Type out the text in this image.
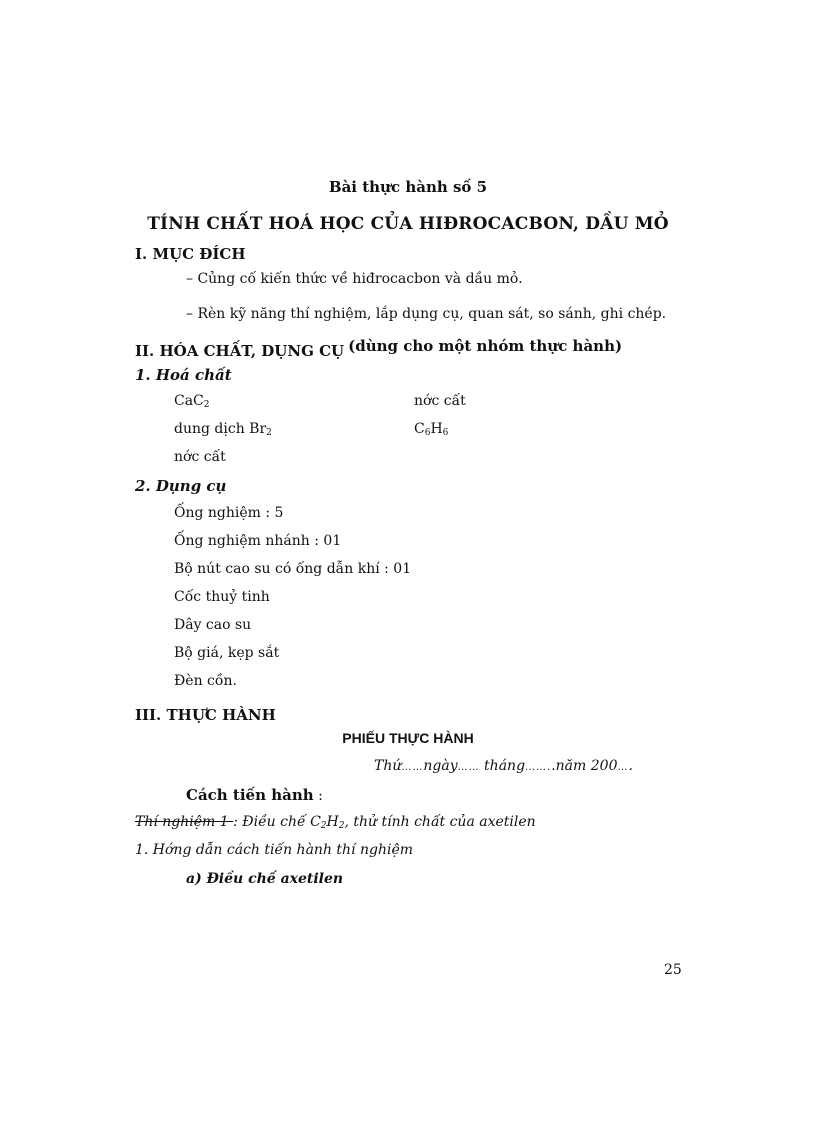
Bài thực hành số 5
TÍNH CHẤT HOÁ HỌC CỦA HIĐROCACBON, DẦU MỎ
I. MỤC ĐÍCH
– Củng cố kiến thức về hiđrocacbon và dầu mỏ.
– Rèn kỹ năng thí nghiệm, lắp dụng cụ, quan sát, so sánh, ghi chép.
II. HÓA CHẤT, DỤNG CỤ (dùng cho một nhóm thực hành)
1. Hoá chất
CaC$_2$	nớc cất
dung dịch $Br_2$	$C_6H_6$
nớc cất
2. Dụng cụ
Ống nghiệm : 5
Ống nghiệm nhánh : 01
Bộ nút cao su có ống dẫn khí : 01
Cốc thuỷ tinh
Dây cao su
Bộ giá, kẹp sắt
Đèn cồn.
III. THỰC HÀNH
PHIẾU THỰC HÀNH
Thứ……ngày…… tháng……..năm 200….
Cách tiến hành :
Thí nghiệm 1 : Điều chế $C_2H_2$, thử tính chất của axetilen
1. Hớng dẫn cách tiến hành thí nghiệm
a) Điều chế axetilen
25
